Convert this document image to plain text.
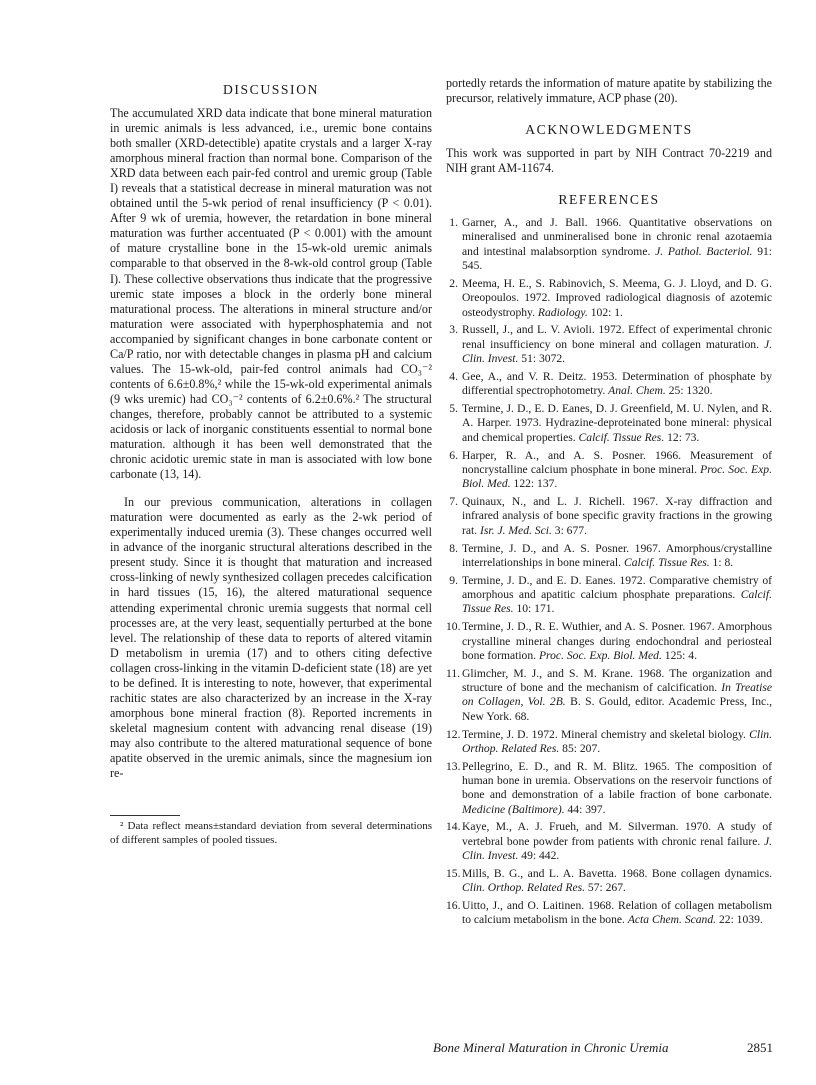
DISCUSSION

The accumulated XRD data indicate that bone mineral maturation in uremic animals is less advanced, i.e., uremic bone contains both smaller (XRD-detectible) apatite crystals and a larger X-ray amorphous mineral fraction than normal bone. Comparison of the XRD data between each pair-fed control and uremic group (Table I) reveals that a statistical decrease in mineral maturation was not obtained until the 5-wk period of renal insufficiency (P < 0.01). After 9 wk of uremia, however, the retardation in bone mineral maturation was further accentuated (P < 0.001) with the amount of mature crystalline bone in the 15-wk-old uremic animals comparable to that observed in the 8-wk-old control group (Table I). These collective observations thus indicate that the progressive uremic state imposes a block in the orderly bone mineral maturational process. The alterations in mineral structure and/or maturation were associated with hyperphosphatemia and not accompanied by significant changes in bone carbonate content or Ca/P ratio, nor with detectable changes in plasma pH and calcium values. The 15-wk-old, pair-fed control animals had CO₃⁻² contents of 6.6±0.8%,² while the 15-wk-old experimental animals (9 wks uremic) had CO₃⁻² contents of 6.2±0.6%.² The structural changes, therefore, probably cannot be attributed to a systemic acidosis or lack of inorganic constituents essential to normal bone maturation. although it has been well demonstrated that the chronic acidotic uremic state in man is associated with low bone carbonate (13, 14).

In our previous communication, alterations in collagen maturation were documented as early as the 2-wk period of experimentally induced uremia (3). These changes occurred well in advance of the inorganic structural alterations described in the present study. Since it is thought that maturation and increased cross-linking of newly synthesized collagen precedes calcification in hard tissues (15, 16), the altered maturational sequence attending experimental chronic uremia suggests that normal cell processes are, at the very least, sequentially perturbed at the bone level. The relationship of these data to reports of altered vitamin D metabolism in uremia (17) and to others citing defective collagen cross-linking in the vitamin D-deficient state (18) are yet to be defined. It is interesting to note, however, that experimental rachitic states are also characterized by an increase in the X-ray amorphous bone mineral fraction (8). Reported increments in skeletal magnesium content with advancing renal disease (19) may also contribute to the altered maturational sequence of bone apatite observed in the uremic animals, since the magnesium ion re-

² Data reflect means±standard deviation from several determinations of different samples of pooled tissues.

portedly retards the information of mature apatite by stabilizing the precursor, relatively immature, ACP phase (20).

ACKNOWLEDGMENTS

This work was supported in part by NIH Contract 70-2219 and NIH grant AM-11674.

REFERENCES
1. Garner, A., and J. Ball. 1966. Quantitative observations on mineralised and unmineralised bone in chronic renal azotaemia and intestinal malabsorption syndrome. J. Pathol. Bacteriol. 91: 545.
2. Meema, H. E., S. Rabinovich, S. Meema, G. J. Lloyd, and D. G. Oreopoulos. 1972. Improved radiological diagnosis of azotemic osteodystrophy. Radiology. 102: 1.
3. Russell, J., and L. V. Avioli. 1972. Effect of experimental chronic renal insufficiency on bone mineral and collagen maturation. J. Clin. Invest. 51: 3072.
4. Gee, A., and V. R. Deitz. 1953. Determination of phosphate by differential spectrophotometry. Anal. Chem. 25: 1320.
5. Termine, J. D., E. D. Eanes, D. J. Greenfield, M. U. Nylen, and R. A. Harper. 1973. Hydrazine-deproteinated bone mineral: physical and chemical properties. Calcif. Tissue Res. 12: 73.
6. Harper, R. A., and A. S. Posner. 1966. Measurement of noncrystalline calcium phosphate in bone mineral. Proc. Soc. Exp. Biol. Med. 122: 137.
7. Quinaux, N., and L. J. Richell. 1967. X-ray diffraction and infrared analysis of bone specific gravity fractions in the growing rat. Isr. J. Med. Sci. 3: 677.
8. Termine, J. D., and A. S. Posner. 1967. Amorphous/crystalline interrelationships in bone mineral. Calcif. Tissue Res. 1: 8.
9. Termine, J. D., and E. D. Eanes. 1972. Comparative chemistry of amorphous and apatitic calcium phosphate preparations. Calcif. Tissue Res. 10: 171.
10. Termine, J. D., R. E. Wuthier, and A. S. Posner. 1967. Amorphous crystalline mineral changes during endochondral and periosteal bone formation. Proc. Soc. Exp. Biol. Med. 125: 4.
11. Glimcher, M. J., and S. M. Krane. 1968. The organization and structure of bone and the mechanism of calcification. In Treatise on Collagen, Vol. 2B. B. S. Gould, editor. Academic Press, Inc., New York. 68.
12. Termine, J. D. 1972. Mineral chemistry and skeletal biology. Clin. Orthop. Related Res. 85: 207.
13. Pellegrino, E. D., and R. M. Blitz. 1965. The composition of human bone in uremia. Observations on the reservoir functions of bone and demonstration of a labile fraction of bone carbonate. Medicine (Baltimore). 44: 397.
14. Kaye, M., A. J. Frueh, and M. Silverman. 1970. A study of vertebral bone powder from patients with chronic renal failure. J. Clin. Invest. 49: 442.
15. Mills, B. G., and L. A. Bavetta. 1968. Bone collagen dynamics. Clin. Orthop. Related Res. 57: 267.
16. Uitto, J., and O. Laitinen. 1968. Relation of collagen metabolism to calcium metabolism in the bone. Acta Chem. Scand. 22: 1039.
Bone Mineral Maturation in Chronic Uremia	2851
